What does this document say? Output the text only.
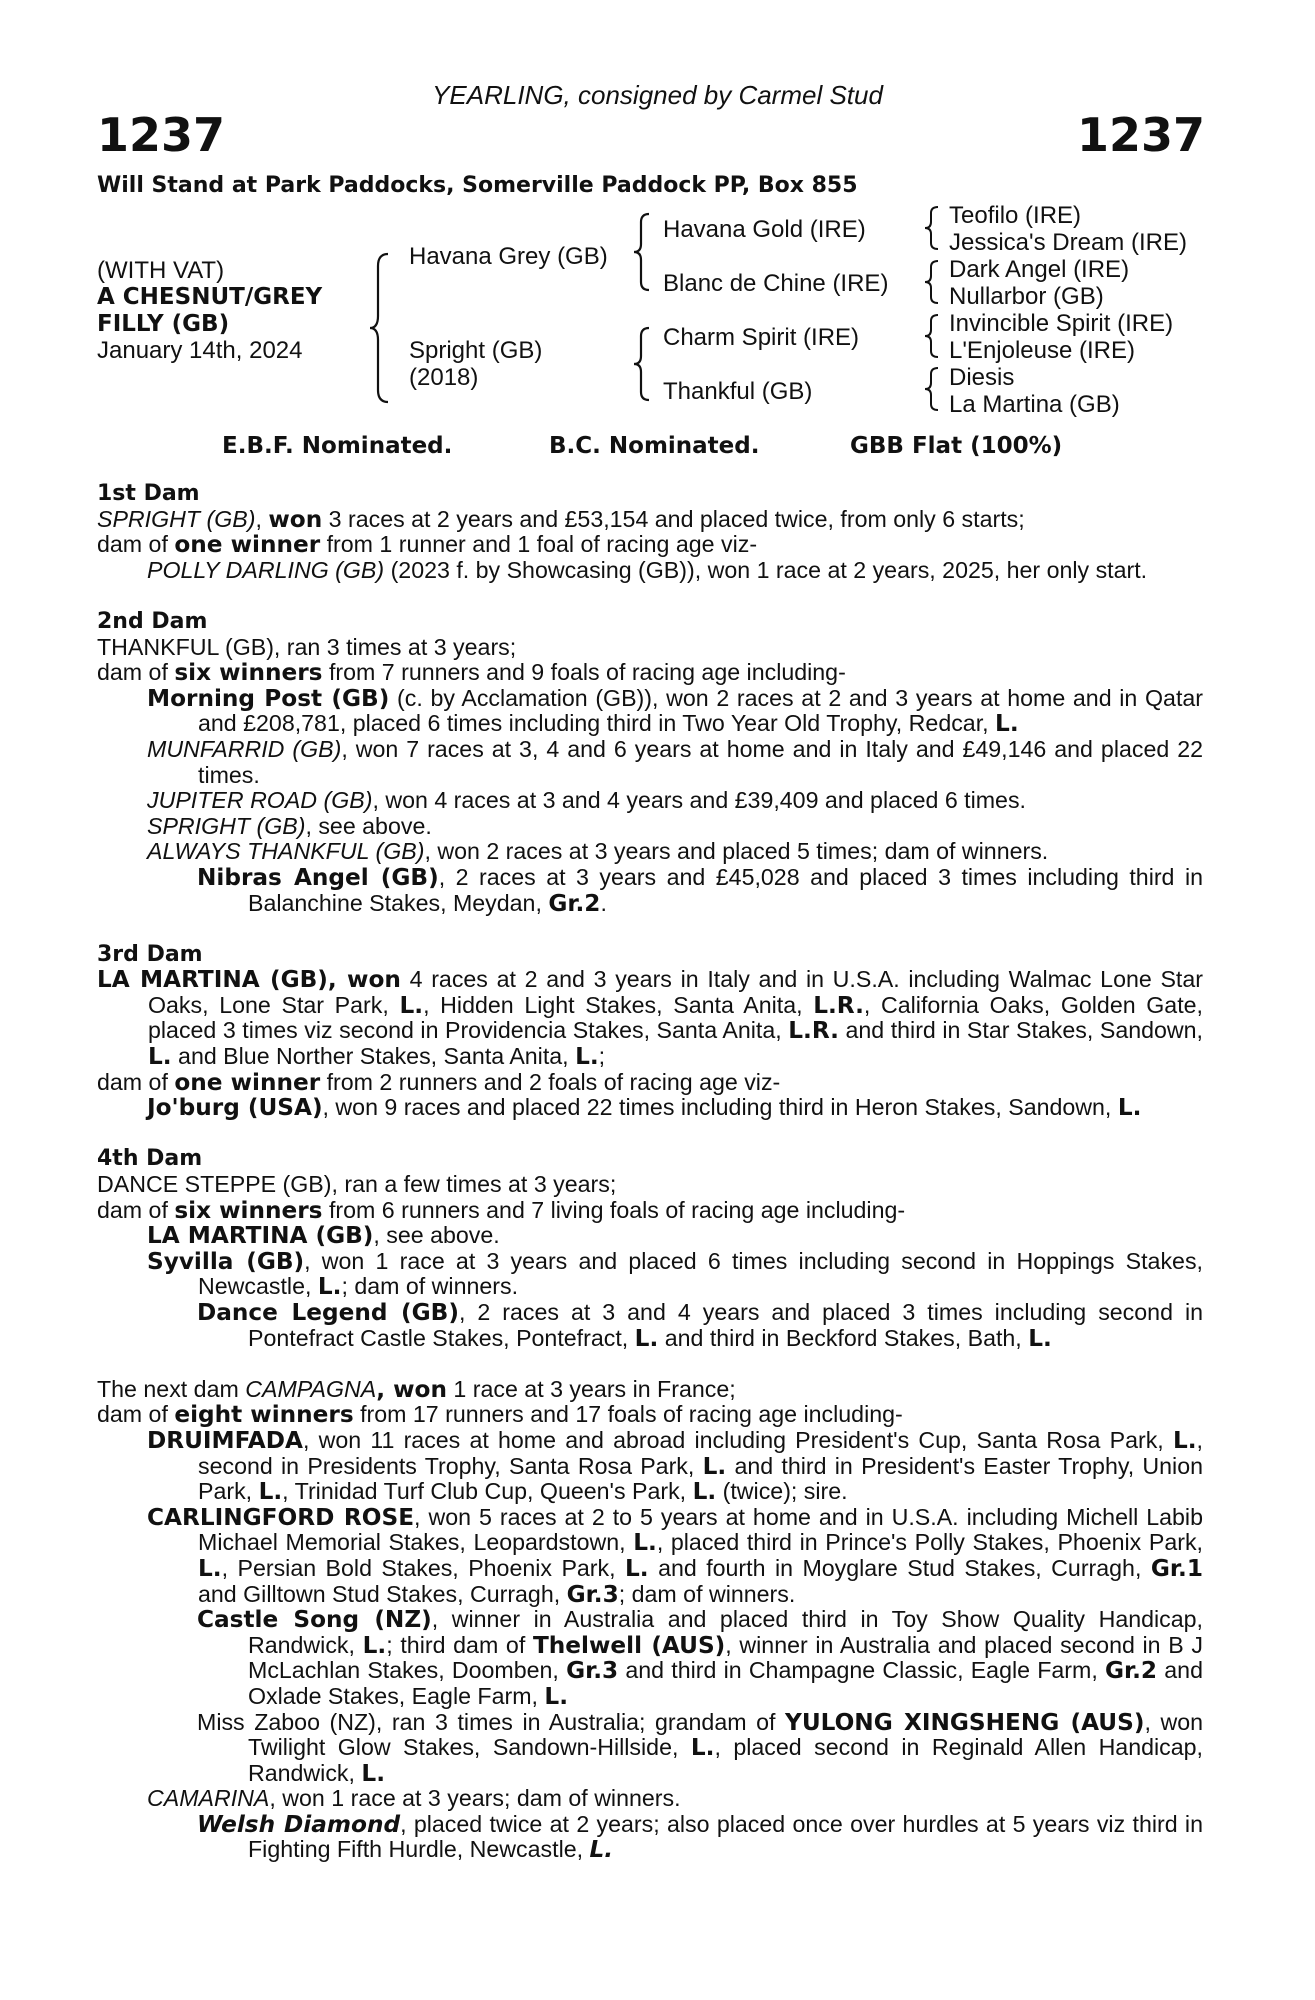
YEARLING, consigned by Carmel Stud
1237	1237
Will Stand at Park Paddocks, Somerville Paddock PP, Box 855
(WITH VAT)
A CHESNUT/GREY
FILLY (GB)
January 14th, 2024
Havana Grey (GB)
Spright (GB)
(2018)
Havana Gold (IRE)
Blanc de Chine (IRE)
Charm Spirit (IRE)
Thankful (GB)
Teofilo (IRE)
Jessica's Dream (IRE)
Dark Angel (IRE)
Nullarbor (GB)
Invincible Spirit (IRE)
L'Enjoleuse (IRE)
Diesis
La Martina (GB)
E.B.F. Nominated.	B.C. Nominated.	GBB Flat (100%)

1st Dam

SPRIGHT (GB), won 3 races at 2 years and £53,154 and placed twice, from only 6 starts;

dam of one winner from 1 runner and 1 foal of racing age viz-

POLLY DARLING (GB) (2023 f. by Showcasing (GB)), won 1 race at 2 years, 2025, her only start.

2nd Dam

THANKFUL (GB), ran 3 times at 3 years;

dam of six winners from 7 runners and 9 foals of racing age including-

Morning Post (GB) (c. by Acclamation (GB)), won 2 races at 2 and 3 years at home and in Qatar and £208,781, placed 6 times including third in Two Year Old Trophy, Redcar, L.

MUNFARRID (GB), won 7 races at 3, 4 and 6 years at home and in Italy and £49,146 and placed 22 times.

JUPITER ROAD (GB), won 4 races at 3 and 4 years and £39,409 and placed 6 times.

SPRIGHT (GB), see above.

ALWAYS THANKFUL (GB), won 2 races at 3 years and placed 5 times; dam of winners.

Nibras Angel (GB), 2 races at 3 years and £45,028 and placed 3 times including third in Balanchine Stakes, Meydan, Gr.2.

3rd Dam

LA MARTINA (GB), won 4 races at 2 and 3 years in Italy and in U.S.A. including Walmac Lone Star Oaks, Lone Star Park, L., Hidden Light Stakes, Santa Anita, L.R., California Oaks, Golden Gate, placed 3 times viz second in Providencia Stakes, Santa Anita, L.R. and third in Star Stakes, Sandown, L. and Blue Norther Stakes, Santa Anita, L.;

dam of one winner from 2 runners and 2 foals of racing age viz-

Jo'burg (USA), won 9 races and placed 22 times including third in Heron Stakes, Sandown, L.

4th Dam

DANCE STEPPE (GB), ran a few times at 3 years;

dam of six winners from 6 runners and 7 living foals of racing age including-

LA MARTINA (GB), see above.

Syvilla (GB), won 1 race at 3 years and placed 6 times including second in Hoppings Stakes, Newcastle, L.; dam of winners.

Dance Legend (GB), 2 races at 3 and 4 years and placed 3 times including second in Pontefract Castle Stakes, Pontefract, L. and third in Beckford Stakes, Bath, L.

The next dam CAMPAGNA, won 1 race at 3 years in France;

dam of eight winners from 17 runners and 17 foals of racing age including-

DRUIMFADA, won 11 races at home and abroad including President's Cup, Santa Rosa Park, L., second in Presidents Trophy, Santa Rosa Park, L. and third in President's Easter Trophy, Union Park, L., Trinidad Turf Club Cup, Queen's Park, L. (twice); sire.

CARLINGFORD ROSE, won 5 races at 2 to 5 years at home and in U.S.A. including Michell Labib Michael Memorial Stakes, Leopardstown, L., placed third in Prince's Polly Stakes, Phoenix Park, L., Persian Bold Stakes, Phoenix Park, L. and fourth in Moyglare Stud Stakes, Curragh, Gr.1 and Gilltown Stud Stakes, Curragh, Gr.3; dam of winners.

Castle Song (NZ), winner in Australia and placed third in Toy Show Quality Handicap, Randwick, L.; third dam of Thelwell (AUS), winner in Australia and placed second in B J McLachlan Stakes, Doomben, Gr.3 and third in Champagne Classic, Eagle Farm, Gr.2 and Oxlade Stakes, Eagle Farm, L.

Miss Zaboo (NZ), ran 3 times in Australia; grandam of YULONG XINGSHENG (AUS), won Twilight Glow Stakes, Sandown-Hillside, L., placed second in Reginald Allen Handicap, Randwick, L.

CAMARINA, won 1 race at 3 years; dam of winners.

Welsh Diamond, placed twice at 2 years; also placed once over hurdles at 5 years viz third in Fighting Fifth Hurdle, Newcastle, L.
